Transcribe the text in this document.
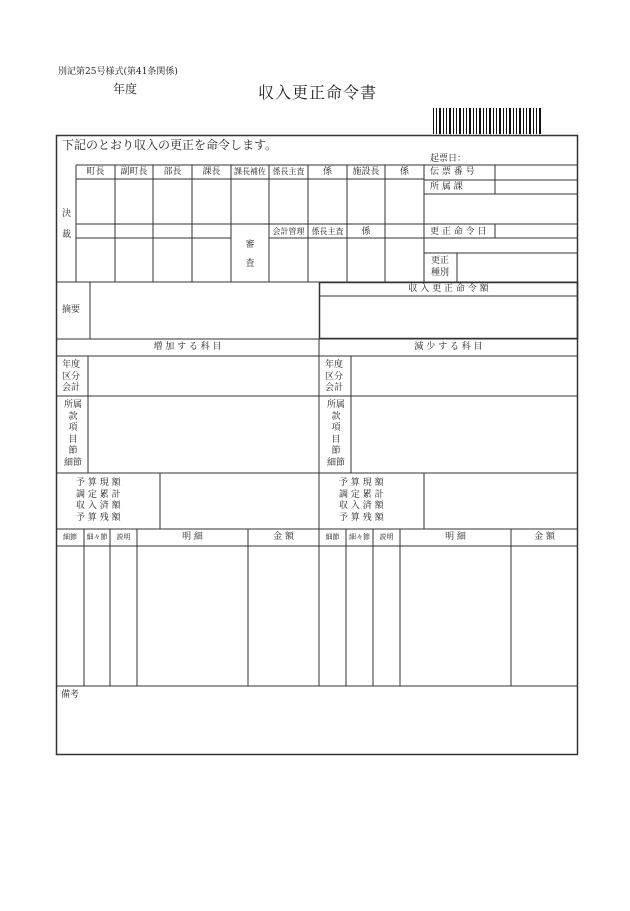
別記第25号様式(第41条関係)
年度	収入更正命令書
下記のとおり収入の更正を命令します。
起票日：
決
裁
町長	副町長	部長	課長	課長補佐 係長主査	係	施設長	係
審
査
会計管理 係長主査	係
伝 票 番 号
所 属 課
更 正 命 令 日
更正
種別
摘要
収 入 更 正 命 令 額
増 加 す る 科 目	減 少 す る 科 目
年度
区分
会計
所属
款
項
目
節
細節
年度
区分
会計
所属
款
項
目
節
細節
予 算 現 額
調 定 累 計
収 入 済 額
予 算 残 額
予 算 現 額
調 定 累 計
収 入 済 額
予 算 残 額
細節	細々節	説明	明 細	金 額	細節	細々節	説明	明 細	金 額
備考
